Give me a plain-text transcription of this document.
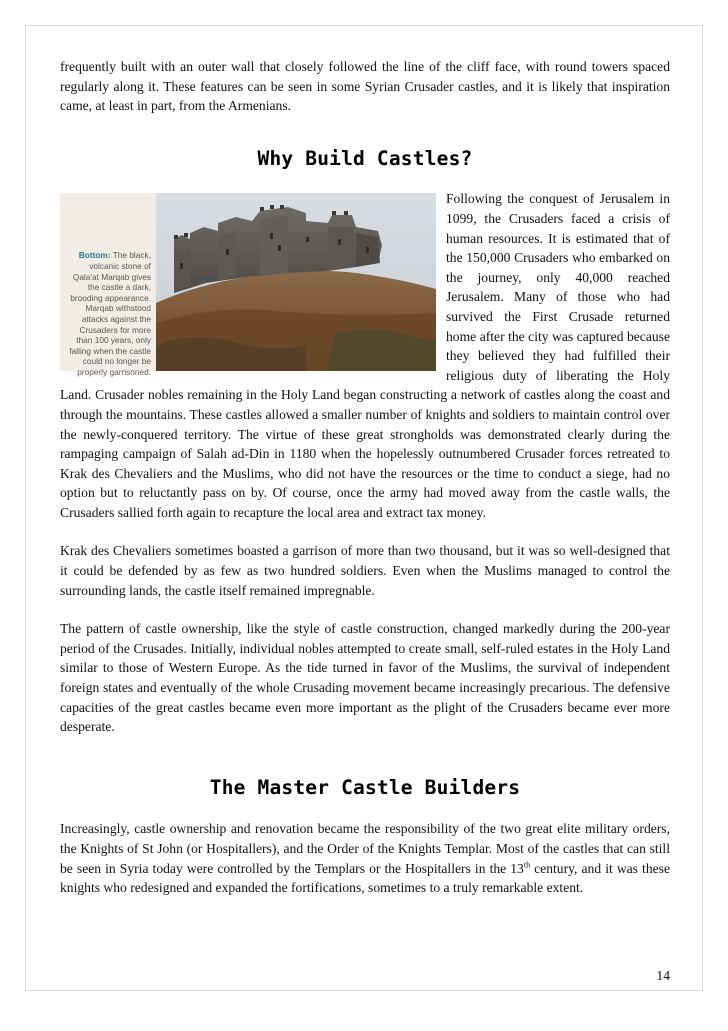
frequently built with an outer wall that closely followed the line of the cliff face, with round towers spaced regularly along it. These features can be seen in some Syrian Crusader castles, and it is likely that inspiration came, at least in part, from the Armenians.

Why Build Castles?
Bottom: The black, volcanic stone of Qala'at Marqab gives the castle a dark, brooding appearance. Marqab withstood attacks against the Crusaders for more than 100 years, only falling when the castle could no longer be properly garrisoned.

Following the conquest of Jerusalem in 1099, the Crusaders faced a crisis of human resources. It is estimated that of the 150,000 Crusaders who embarked on the journey, only 40,000 reached Jerusalem. Many of those who had survived the First Crusade returned home after the city was captured because they believed they had fulfilled their religious duty of liberating the Holy Land. Crusader nobles remaining in the Holy Land began constructing a network of castles along the coast and through the mountains. These castles allowed a smaller number of knights and soldiers to maintain control over the newly-conquered territory. The virtue of these great strongholds was demonstrated clearly during the rampaging campaign of Salah ad-Din in 1180 when the hopelessly outnumbered Crusader forces retreated to Krak des Chevaliers and the Muslims, who did not have the resources or the time to conduct a siege, had no option but to reluctantly pass on by. Of course, once the army had moved away from the castle walls, the Crusaders sallied forth again to recapture the local area and extract tax money.

Krak des Chevaliers sometimes boasted a garrison of more than two thousand, but it was so well-designed that it could be defended by as few as two hundred soldiers. Even when the Muslims managed to control the surrounding lands, the castle itself remained impregnable.

The pattern of castle ownership, like the style of castle construction, changed markedly during the 200-year period of the Crusades. Initially, individual nobles attempted to create small, self-ruled estates in the Holy Land similar to those of Western Europe. As the tide turned in favor of the Muslims, the survival of independent foreign states and eventually of the whole Crusading movement became increasingly precarious. The defensive capacities of the great castles became even more important as the plight of the Crusaders became ever more desperate.

The Master Castle Builders

Increasingly, castle ownership and renovation became the responsibility of the two great elite military orders, the Knights of St John (or Hospitallers), and the Order of the Knights Templar. Most of the castles that can still be seen in Syria today were controlled by the Templars or the Hospitallers in the 13th century, and it was these knights who redesigned and expanded the fortifications, sometimes to a truly remarkable extent.

14
